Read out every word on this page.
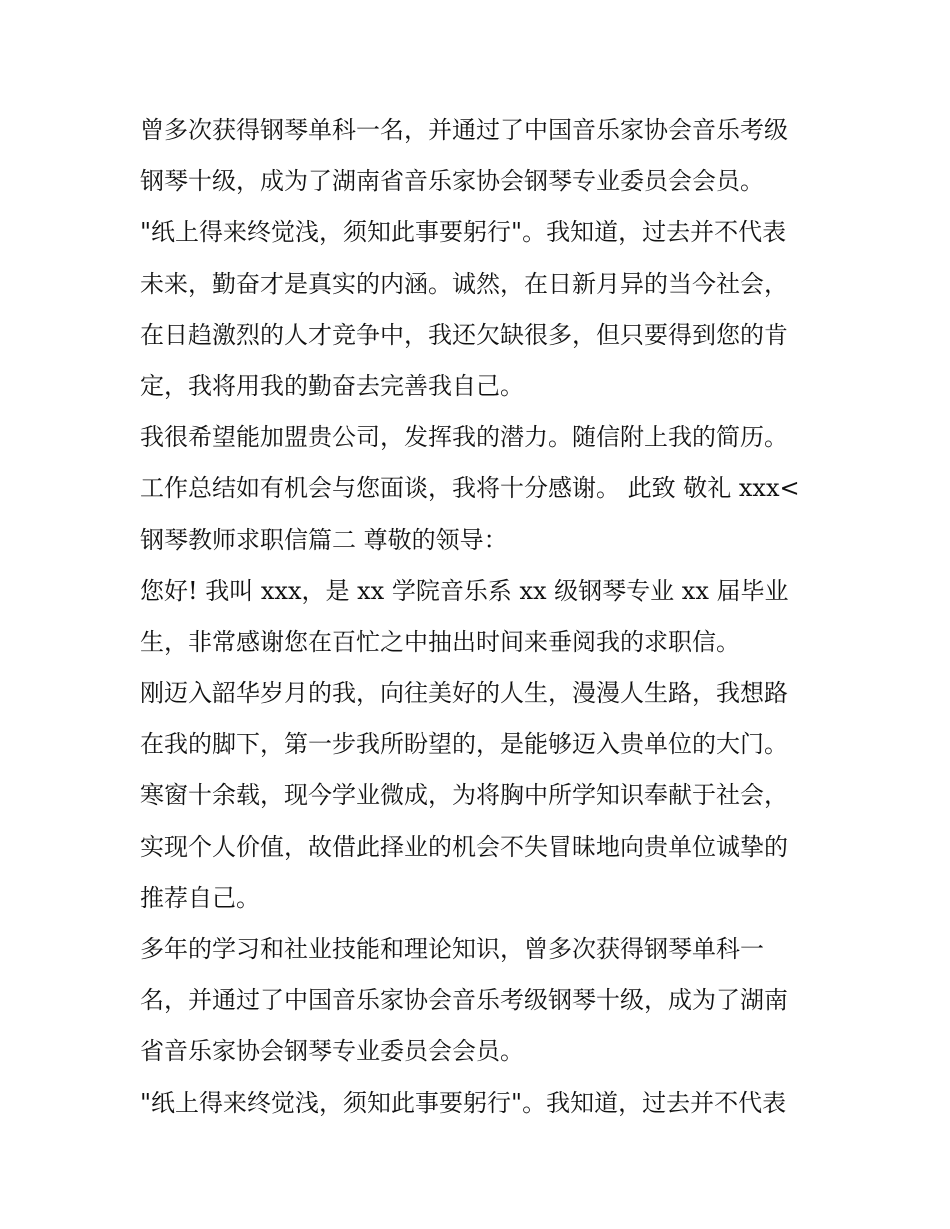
曾多次获得钢琴单科一名，并通过了中国音乐家协会音乐考级
钢琴十级，成为了湖南省音乐家协会钢琴专业委员会会员。
"纸上得来终觉浅，须知此事要躬行"。我知道，过去并不代表
未来，勤奋才是真实的内涵。诚然，在日新月异的当今社会，
在日趋激烈的人才竞争中，我还欠缺很多，但只要得到您的肯
定，我将用我的勤奋去完善我自己。
我很希望能加盟贵公司，发挥我的潜力。随信附上我的简历。
工作总结如有机会与您面谈，我将十分感谢。 此致 敬礼 xxx<
钢琴教师求职信篇二 尊敬的领导：
您好! 我叫 xxx，是 xx 学院音乐系 xx 级钢琴专业 xx 届毕业
生，非常感谢您在百忙之中抽出时间来垂阅我的求职信。
刚迈入韶华岁月的我，向往美好的人生，漫漫人生路，我想路
在我的脚下，第一步我所盼望的，是能够迈入贵单位的大门。
寒窗十余载，现今学业微成，为将胸中所学知识奉献于社会，
实现个人价值，故借此择业的机会不失冒昧地向贵单位诚挚的
推荐自己。
多年的学习和社业技能和理论知识，曾多次获得钢琴单科一
名，并通过了中国音乐家协会音乐考级钢琴十级，成为了湖南
省音乐家协会钢琴专业委员会会员。
"纸上得来终觉浅，须知此事要躬行"。我知道，过去并不代表
